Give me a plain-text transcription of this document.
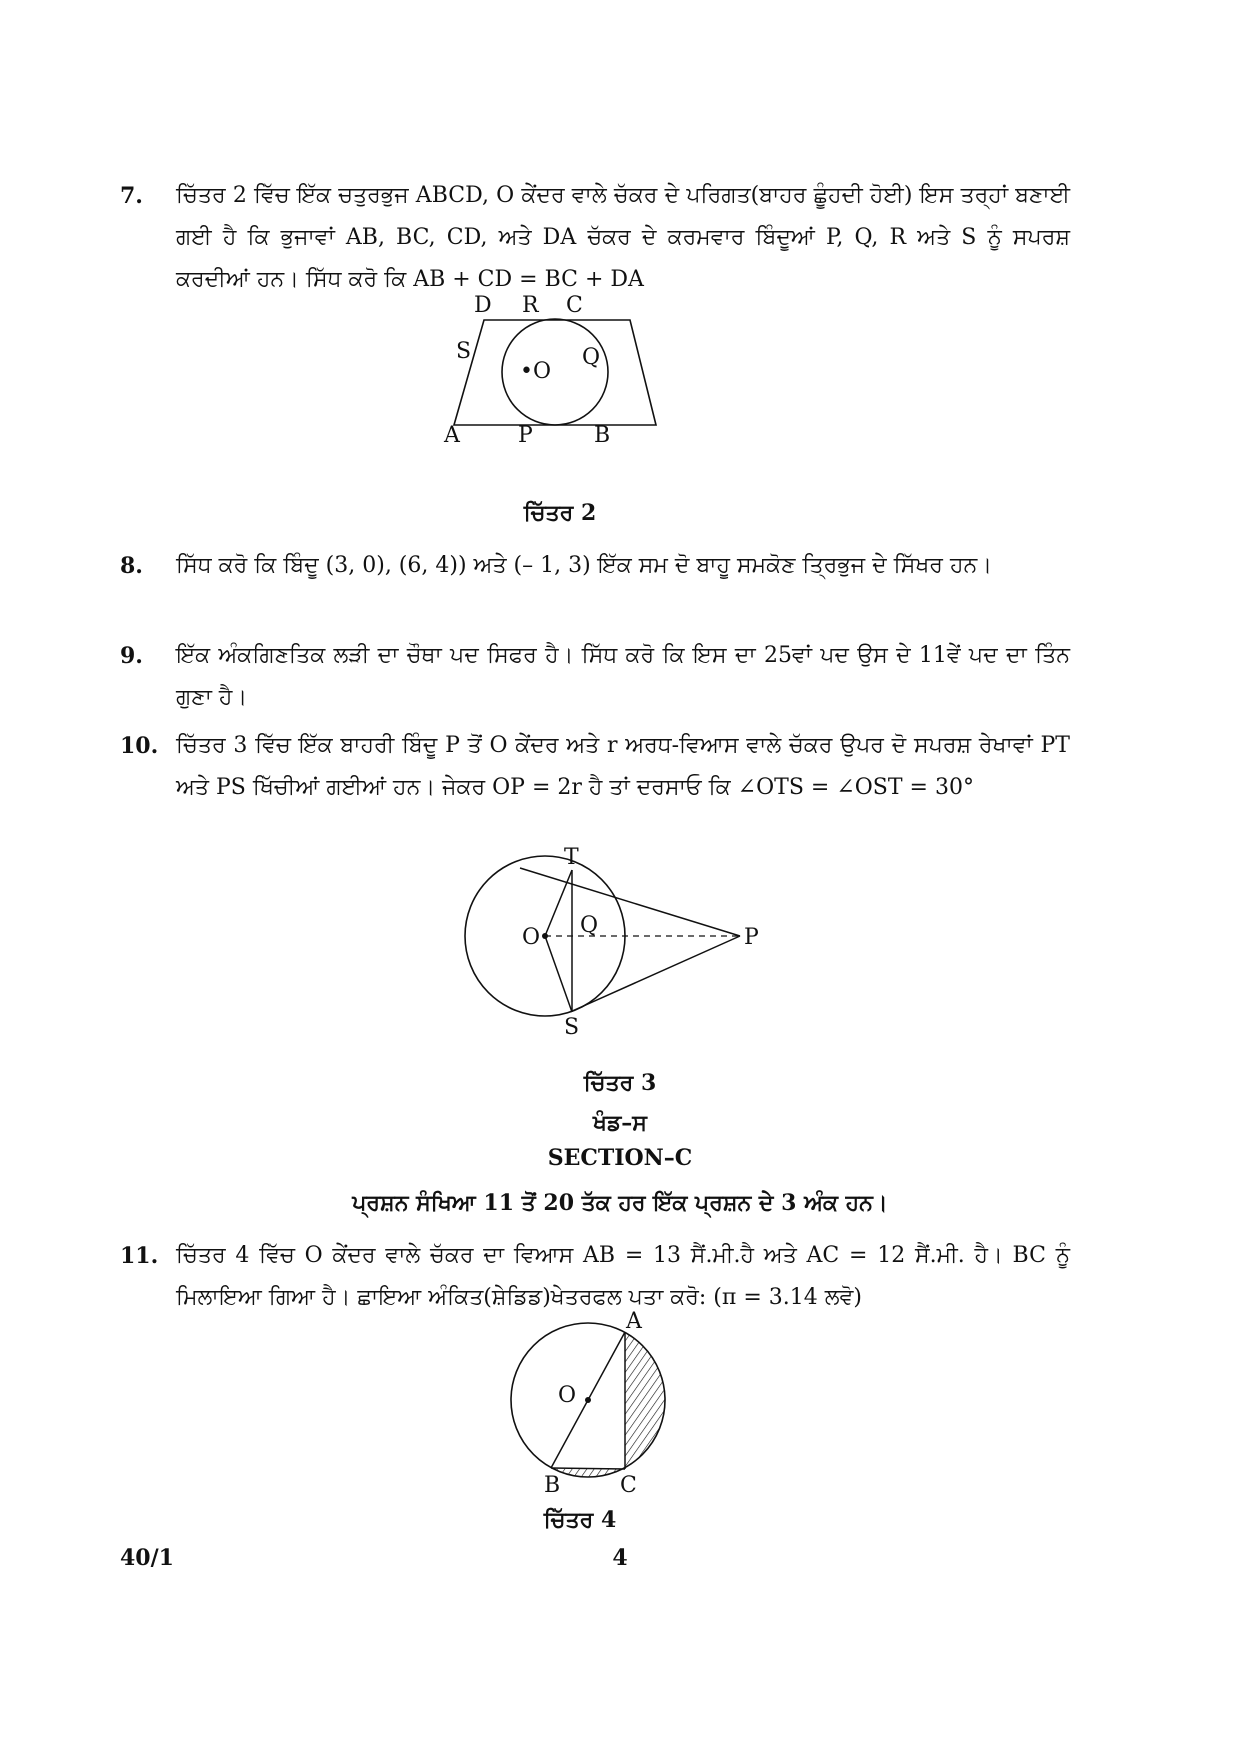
7. ਚਿੱਤਰ 2 ਵਿੱਚ ਇੱਕ ਚਤੁਰਭੁਜ ABCD, O ਕੇਂਦਰ ਵਾਲੇ ਚੱਕਰ ਦੇ ਪਰਿਗਤ(ਬਾਹਰ ਛੂੰਹਦੀ ਹੋਈ) ਇਸ ਤਰ੍ਹਾਂ ਬਣਾਈ ਗਈ ਹੈ ਕਿ ਭੁਜਾਵਾਂ AB, BC, CD, ਅਤੇ DA ਚੱਕਰ ਦੇ ਕਰਮਵਾਰ ਬਿੰਦੂਆਂ P, Q, R ਅਤੇ S ਨੂੰ ਸਪਰਸ਼ ਕਰਦੀਆਂ ਹਨ। ਸਿੱਧ ਕਰੋ ਕਿ AB + CD = BC + DA
D R C
S	Q
•O
A	P	B
ਚਿੱਤਰ 2
8. ਸਿੱਧ ਕਰੋ ਕਿ ਬਿੰਦੂ (3, 0), (6, 4)) ਅਤੇ (– 1, 3) ਇੱਕ ਸਮ ਦੋ ਬਾਹੂ ਸਮਕੋਣ ਤ੍ਰਿਭੁਜ ਦੇ ਸਿੱਖਰ ਹਨ।
9. ਇੱਕ ਅੰਕਗਿਣਤਿਕ ਲੜੀ ਦਾ ਚੌਥਾ ਪਦ ਸਿਫਰ ਹੈ। ਸਿੱਧ ਕਰੋ ਕਿ ਇਸ ਦਾ 25ਵਾਂ ਪਦ ਉਸ ਦੇ 11ਵੇਂ ਪਦ ਦਾ ਤਿੰਨ ਗੁਣਾ ਹੈ।
10. ਚਿੱਤਰ 3 ਵਿੱਚ ਇੱਕ ਬਾਹਰੀ ਬਿੰਦੂ P ਤੋਂ O ਕੇਂਦਰ ਅਤੇ r ਅਰਧ-ਵਿਆਸ ਵਾਲੇ ਚੱਕਰ ਉਪਰ ਦੋ ਸਪਰਸ਼ ਰੇਖਾਵਾਂ PT ਅਤੇ PS ਖਿੱਚੀਆਂ ਗਈਆਂ ਹਨ। ਜੇਕਰ OP = 2r ਹੈ ਤਾਂ ਦਰਸਾਓ ਕਿ ∠OTS = ∠OST = 30°
T
O Q	P
S
ਚਿੱਤਰ 3
ਖੰਡ–ਸ
SECTION–C
ਪ੍ਰਸ਼ਨ ਸੰਖਿਆ 11 ਤੋਂ 20 ਤੱਕ ਹਰ ਇੱਕ ਪ੍ਰਸ਼ਨ ਦੇ 3 ਅੰਕ ਹਨ।
11. ਚਿੱਤਰ 4 ਵਿੱਚ O ਕੇਂਦਰ ਵਾਲੇ ਚੱਕਰ ਦਾ ਵਿਆਸ AB = 13 ਸੈਂ.ਮੀ.ਹੈ ਅਤੇ AC = 12 ਸੈਂ.ਮੀ. ਹੈ। BC ਨੂੰ ਮਿਲਾਇਆ ਗਿਆ ਹੈ। ਛਾਇਆ ਅੰਕਿਤ(ਸ਼ੇਡਿਡ)ਖੇਤਰਫਲ ਪਤਾ ਕਰੋ: (π = 3.14 ਲਵੋ)
A
O
B	C
ਚਿੱਤਰ 4
40/1	4
